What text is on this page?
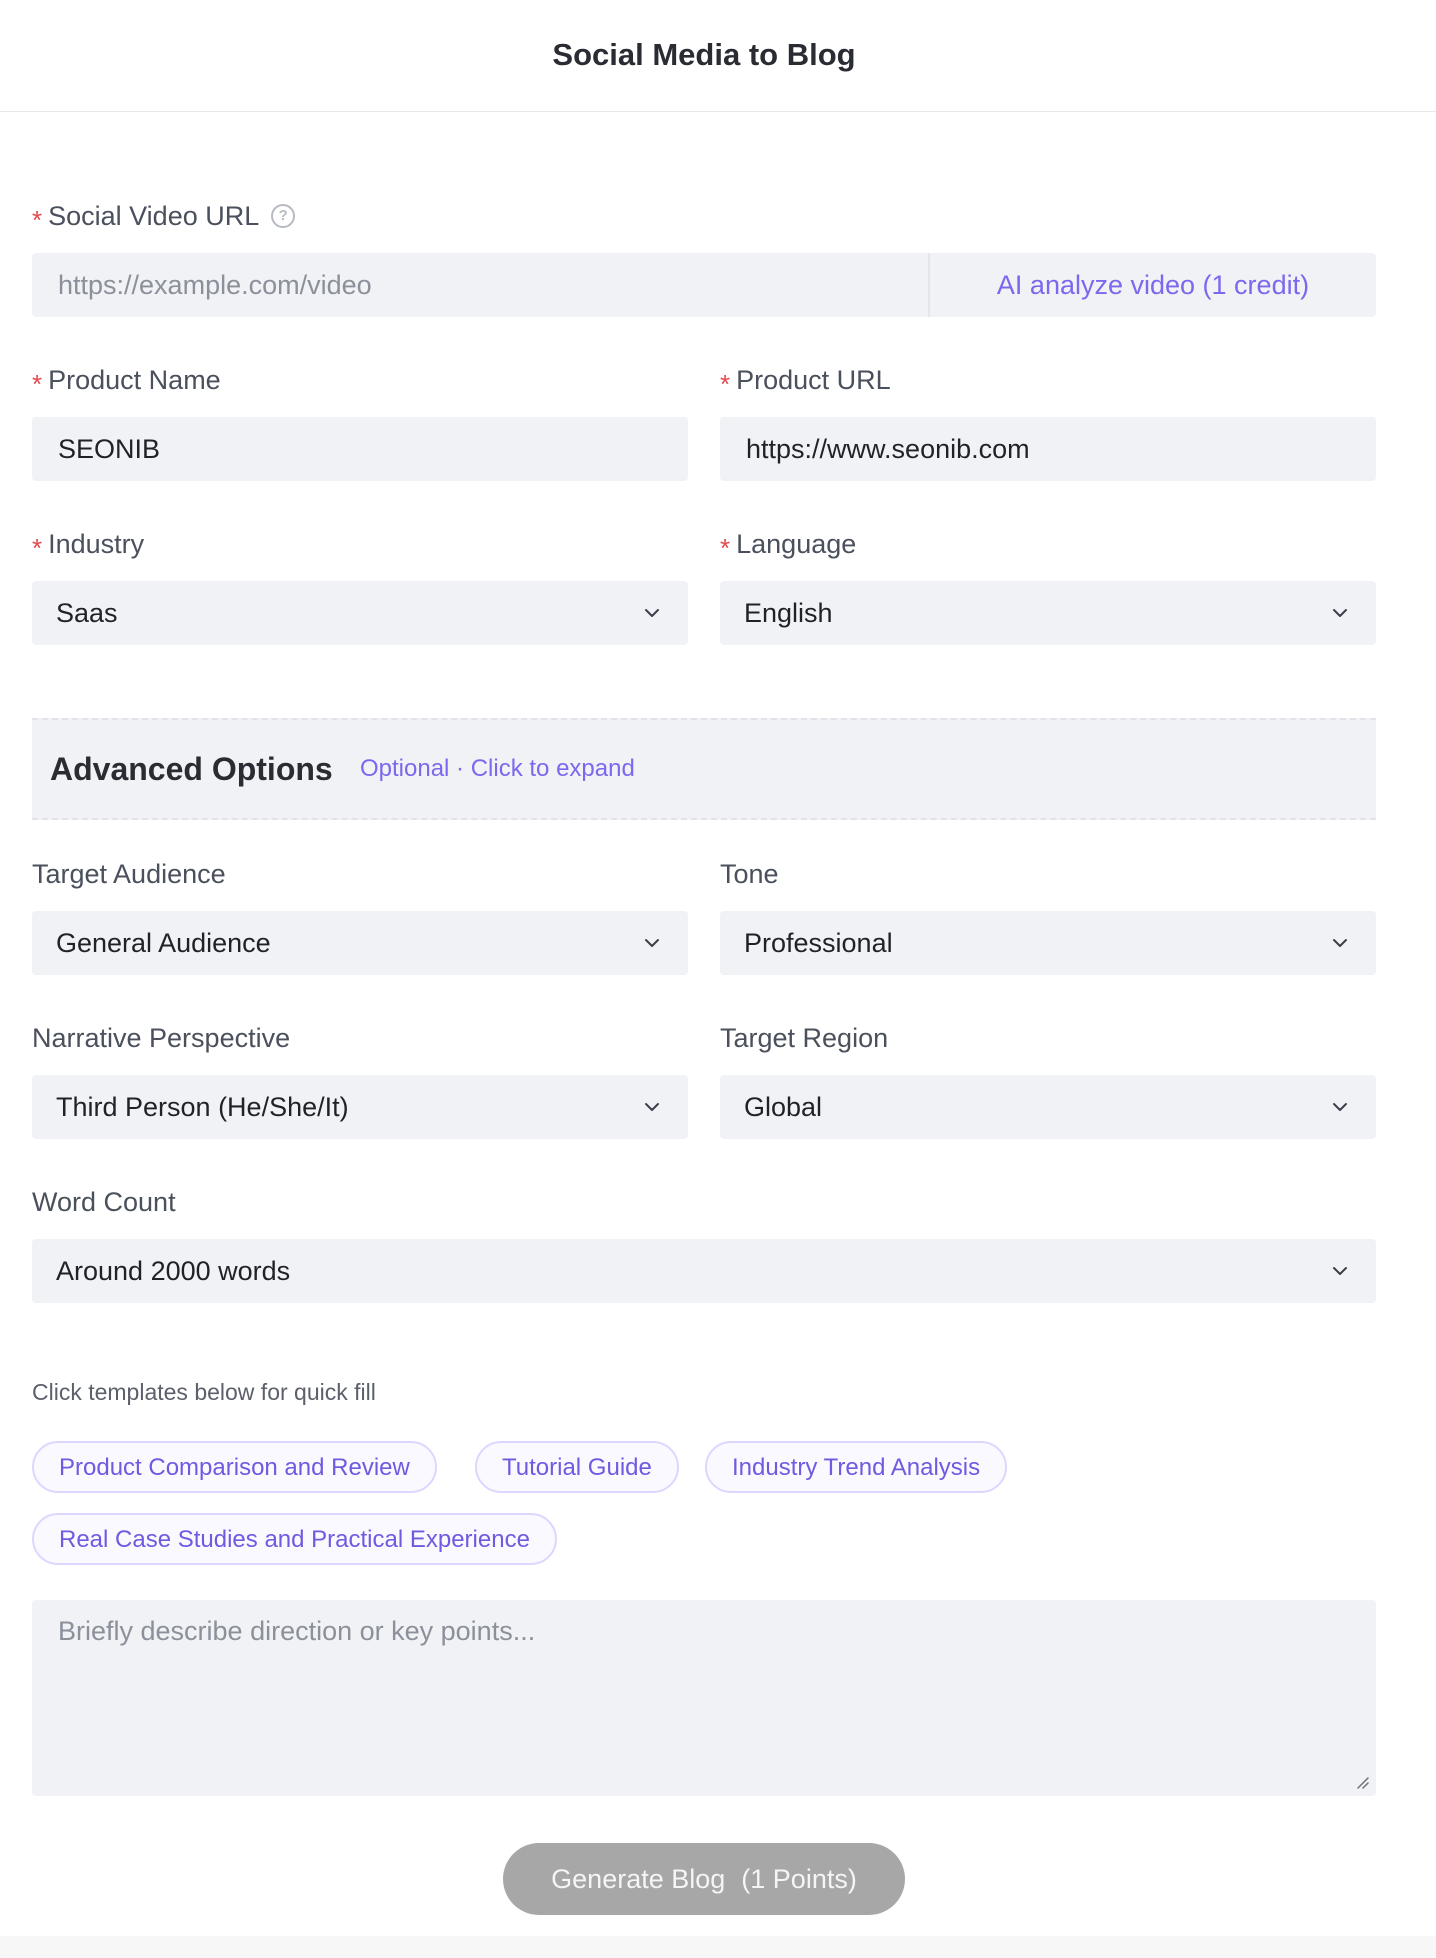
Social Media to Blog
* Social Video URL	?
https://example.com/video
AI analyze video (1 credit)
* Product Name
SEONIB	* Product URL
https://www.seonib.com
* Industry
Saas
* Language
English
Advanced Options Optional · Click to expand
Target Audience
General Audience
Tone
Professional
Narrative Perspective
Third Person (He/She/It)
Target Region
Global
Word Count
Around 2000 words
Click templates below for quick fill
Product Comparison and Review	Tutorial Guide	Industry Trend Analysis
Real Case Studies and Practical Experience
Briefly describe direction or key points...
Generate Blog (1 Points)
